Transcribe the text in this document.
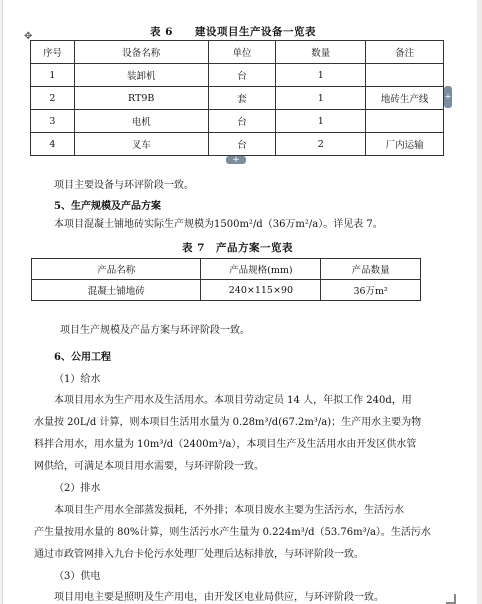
表 6　　建设项目生产设备一览表
✥
序号	设备名称	单位	数量	备注
1	装卸机	台	1	
2	RT9B	套	1	地砖生产线
3	电机	台	1	
4	叉车	台	2	厂内运输
+
+
项目主要设备与环评阶段一致。
5、生产规模及产品方案
本项目混凝土铺地砖实际生产规模为1500m²/d（36万m²/a）。详见表 7。
表 7　产品方案一览表
产品名称	产品规格(mm)	产品数量
混凝土铺地砖	240×115×90	36万m²
项目生产规模及产品方案与环评阶段一致。
6、公用工程
（1）给水
本项目用水为生产用水及生活用水。本项目劳动定员 14 人，年拟工作 240d，用
水量按 20L/d 计算，则本项目生活用水量为 0.28m³/d(67.2m³/a)；生产用水主要为物
料拌合用水，用水量为 10m³/d（2400m³/a），本项目生产及生活用水由开发区供水管
网供给，可满足本项目用水需要，与环评阶段一致。
（2）排水
本项目生产用水全部蒸发损耗，不外排；本项目废水主要为生活污水，生活污水
产生量按用水量的 80%计算，则生活污水产生量为 0.224m³/d（53.76m³/a）。生活污水
通过市政管网排入九台卡伦污水处理厂处理后达标排放，与环评阶段一致。
（3）供电
项目用电主要是照明及生产用电，由开发区电业局供应，与环评阶段一致。
